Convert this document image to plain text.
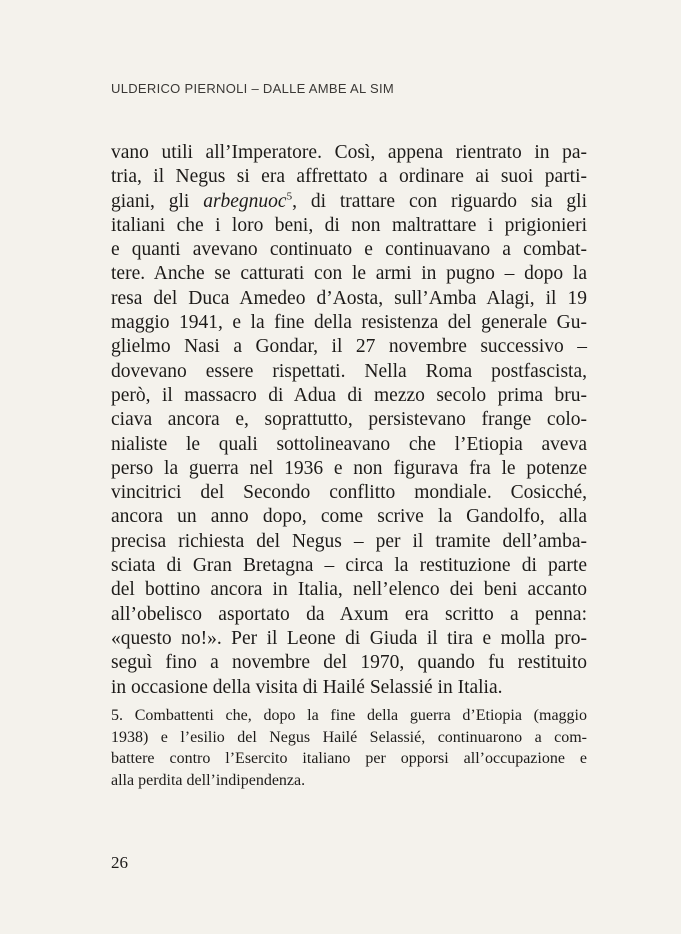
ULDERICO PIERNOLI – DALLE AMBE AL SIM
vano utili all’Imperatore. Così, appena rientrato in pa-
tria, il Negus si era affrettato a ordinare ai suoi parti-
giani, gli arbegnuoc$^5$, di trattare con riguardo sia gli
italiani che i loro beni, di non maltrattare i prigionieri
e quanti avevano continuato e continuavano a combat-
tere. Anche se catturati con le armi in pugno – dopo la
resa del Duca Amedeo d’Aosta, sull’Amba Alagi, il 19
maggio 1941, e la fine della resistenza del generale Gu-
glielmo Nasi a Gondar, il 27 novembre successivo –
dovevano essere rispettati. Nella Roma postfascista,
però, il massacro di Adua di mezzo secolo prima bru-
ciava ancora e, soprattutto, persistevano frange colo-
nialiste le quali sottolineavano che l’Etiopia aveva
perso la guerra nel 1936 e non figurava fra le potenze
vincitrici del Secondo conflitto mondiale. Cosicché,
ancora un anno dopo, come scrive la Gandolfo, alla
precisa richiesta del Negus – per il tramite dell’amba-
sciata di Gran Bretagna – circa la restituzione di parte
del bottino ancora in Italia, nell’elenco dei beni accanto
all’obelisco asportato da Axum era scritto a penna:
«questo no!». Per il Leone di Giuda il tira e molla pro-
seguì fino a novembre del 1970, quando fu restituito
in occasione della visita di Hailé Selassié in Italia.
5. Combattenti che, dopo la fine della guerra d’Etiopia (maggio
1938) e l’esilio del Negus Hailé Selassié, continuarono a com-
battere contro l’Esercito italiano per opporsi all’occupazione e
alla perdita dell’indipendenza.
26
